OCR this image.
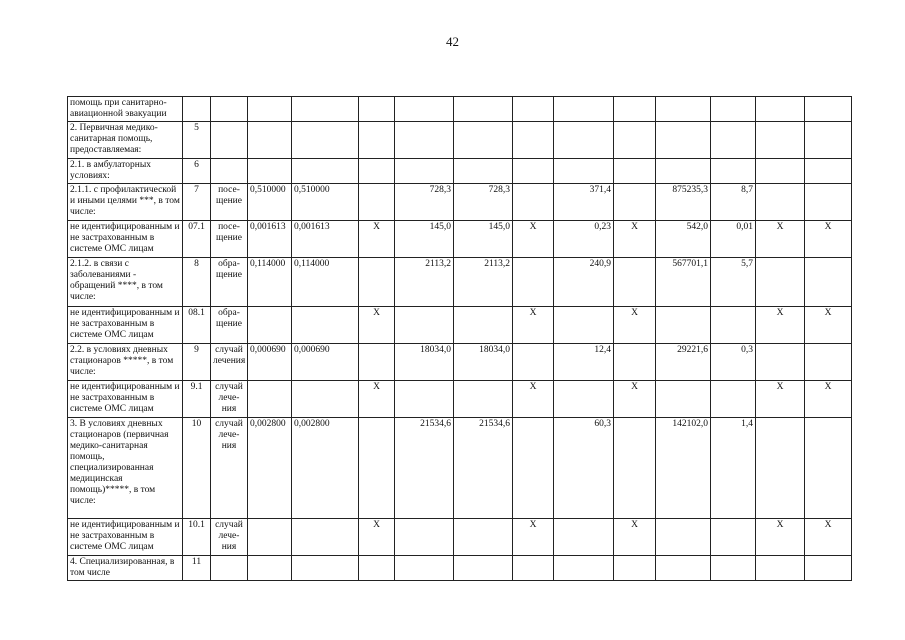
42
помощь при санитарно-авиационной эвакуации														
2. Первичная медико-санитарная помощь, предоставляемая:	5													
2.1. в амбулаторных условиях:	6													
2.1.1. с профилактической и иными целями ***, в том числе:	7	посе-щение	0,510000	0,510000		728,3	728,3		371,4		875235,3	8,7		
не идентифицированным и не застрахованным в системе ОМС лицам	07.1	посе-щение	0,001613	0,001613	Х	145,0	145,0	Х	0,23	Х	542,0	0,01	Х	Х
2.1.2. в связи с заболеваниями - обращений ****, в том числе:	8	обра-щение	0,114000	0,114000		2113,2	2113,2		240,9		567701,1	5,7		
не идентифицированным и не застрахованным в системе ОМС лицам	08.1	обра-щение			Х			Х		Х			Х	Х
2.2. в условиях дневных стационаров *****, в том числе:	9	случай лечения	0,000690	0,000690		18034,0	18034,0		12,4		29221,6	0,3		
не идентифицированным и не застрахованным в системе ОМС лицам	9.1	случай лече-ния			Х			Х		Х			Х	Х
3. В условиях дневных стационаров (первичная медико-санитарная помощь, специализированная медицинская помощь)*****, в том числе:	10	случай лече-ния	0,002800	0,002800		21534,6	21534,6		60,3		142102,0	1,4		
не идентифицированным и не застрахованным в системе ОМС лицам	10.1	случай лече-ния			Х			Х		Х			Х	Х
4. Специализированная, в том числе	11													
